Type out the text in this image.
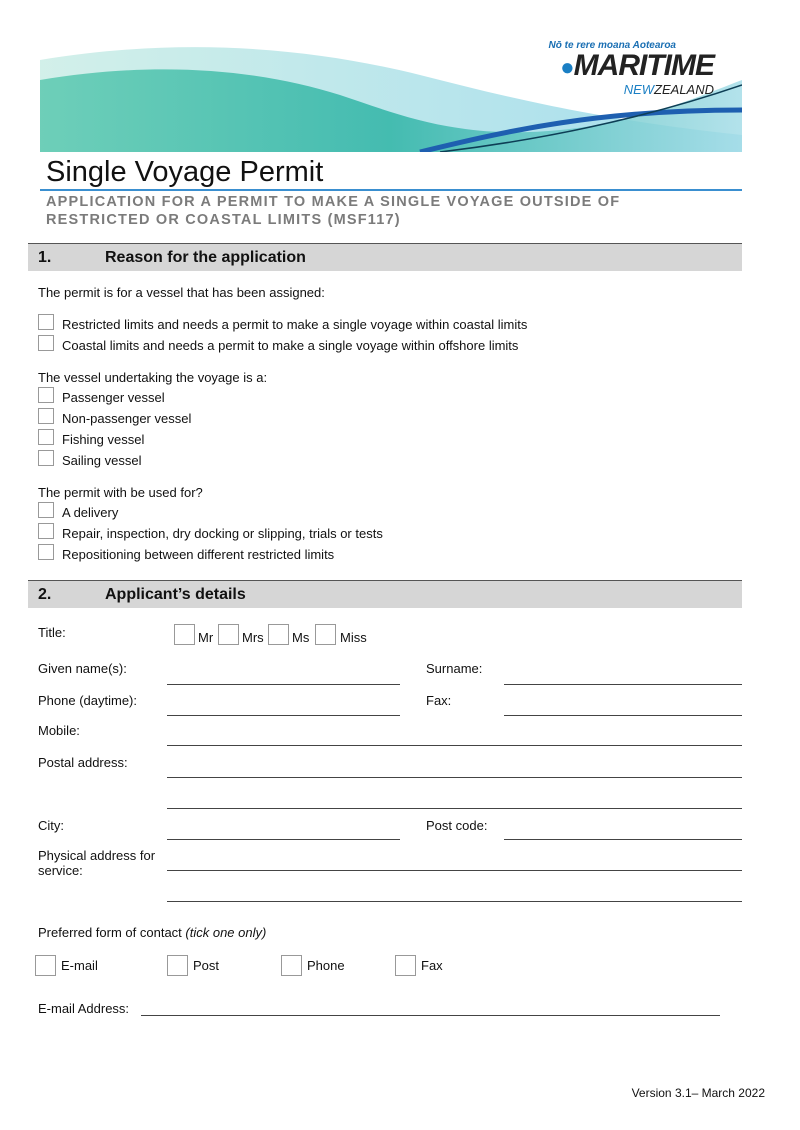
Nō te rere moana Aotearoa
●MARITIME
NEWZEALAND
Single Voyage Permit
APPLICATION FOR A PERMIT TO MAKE A SINGLE VOYAGE OUTSIDE OF
RESTRICTED OR COASTAL LIMITS (MSF117)
1.	Reason for the application
The permit is for a vessel that has been assigned:
Restricted limits and needs a permit to make a single voyage within coastal limits
Coastal limits and needs a permit to make a single voyage within offshore limits
The vessel undertaking the voyage is a:
Passenger vessel
Non-passenger vessel
Fishing vessel
Sailing vessel
The permit with be used for?
A delivery
Repair, inspection, dry docking or slipping, trials or tests
Repositioning between different restricted limits
2.	Applicant’s details
Title:	Mr Mrs Ms Miss
Given name(s):	Surname:
Phone (daytime):	Fax:
Mobile:
Postal address:
City:	Post code:
Physical address for
service:
Preferred form of contact (tick one only)
E-mail	Post	Phone	Fax
E-mail Address:
Version 3.1– March 2022
